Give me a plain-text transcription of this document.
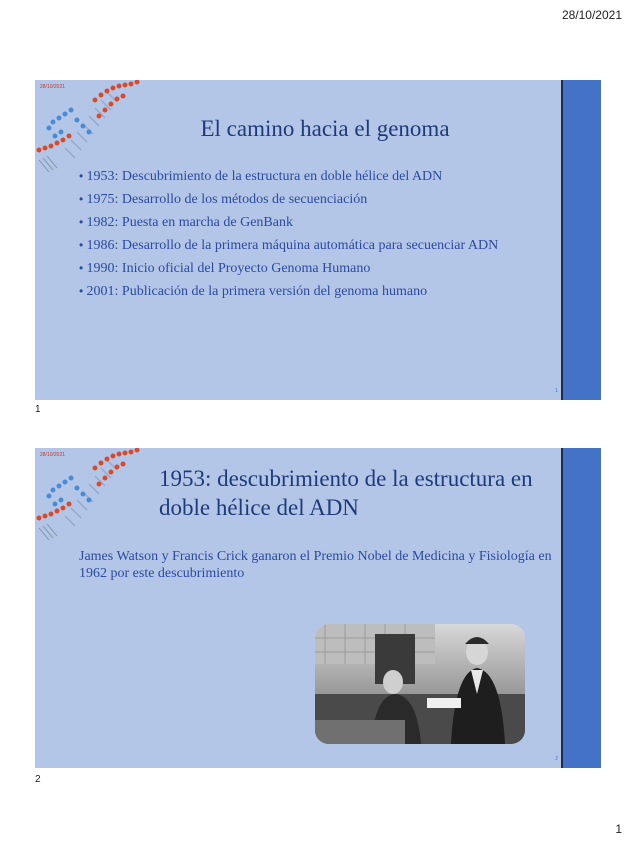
28/10/2021
28/10/2021
El camino hacia el genoma
• 1953: Descubrimiento de la estructura en doble hélice del ADN
• 1975: Desarrollo de los métodos de secuenciación
• 1982: Puesta en marcha de GenBank
• 1986: Desarrollo de la primera máquina automática para secuenciar ADN
• 1990: Inicio oficial del Proyecto Genoma Humano
• 2001: Publicación de la primera versión del genoma humano
1
1
28/10/2021
1953: descubrimiento de la estructura en doble hélice del ADN

James Watson y Francis Crick ganaron el Premio Nobel de Medicina y Fisiología en 1962 por este descubrimiento

2
2
1
